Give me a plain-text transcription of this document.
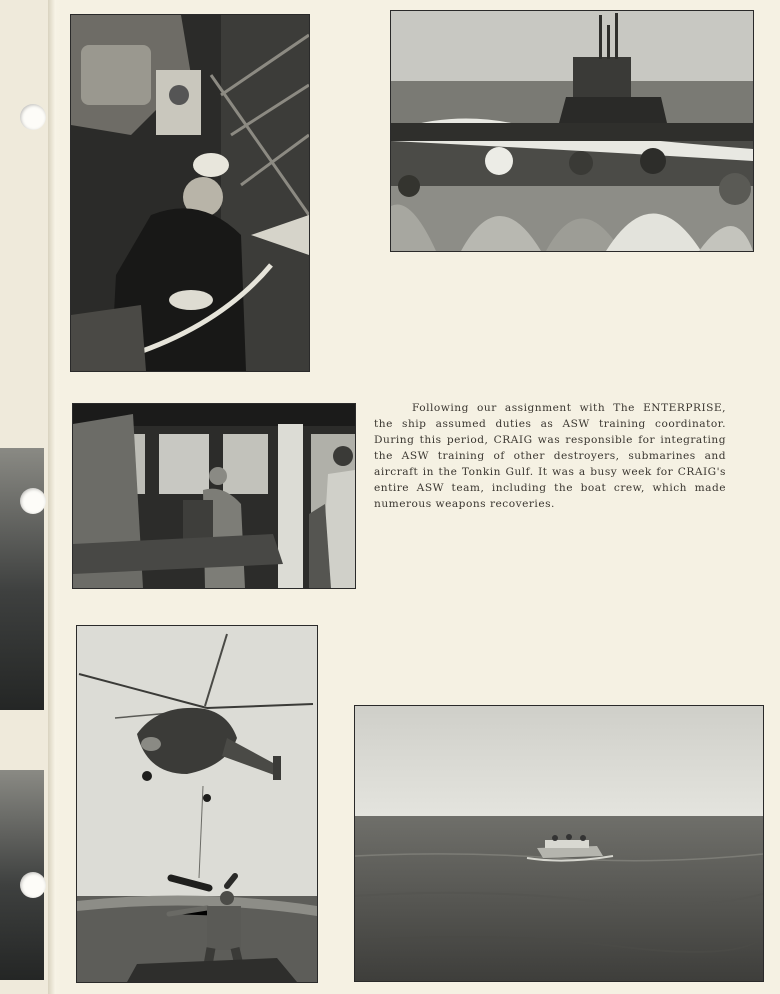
Following our assignment with The ENTERPRISE, the ship assumed duties as ASW training coordinator. During this period, CRAIG was responsible for integrating the ASW training of other destroyers, submarines and aircraft in the Tonkin Gulf. It was a busy week for CRAIG's entire ASW team, including the boat crew, which made numerous weapons recoveries.
